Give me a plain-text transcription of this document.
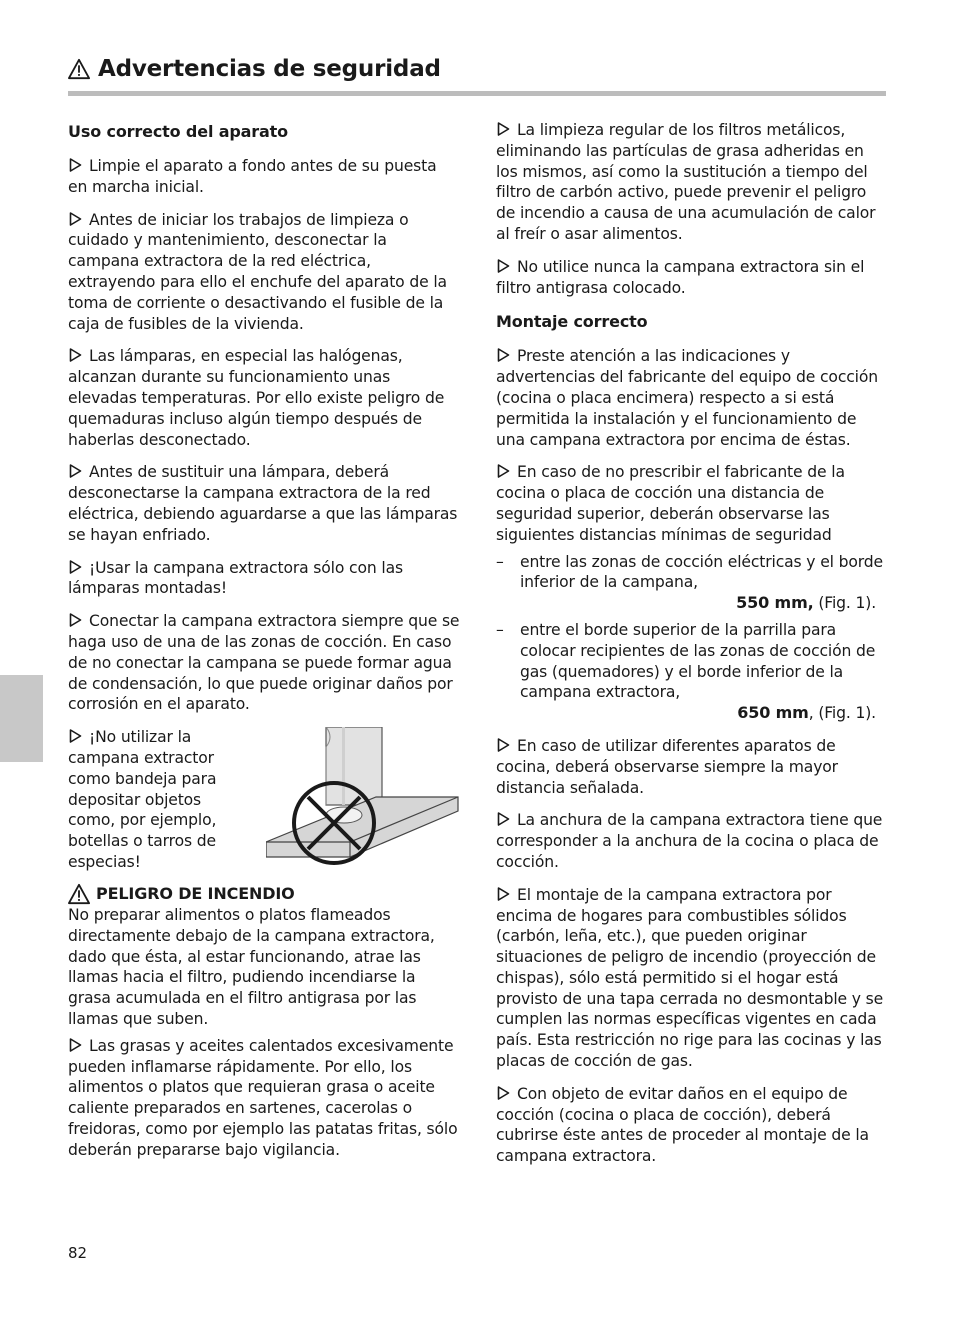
Advertencias de seguridad
Uso correcto del aparato

Limpie el aparato a fondo antes de su puesta en marcha inicial.

Antes de iniciar los trabajos de limpieza o cuidado y mantenimiento, desconectar la campana extractora de la red eléctrica, extrayendo para ello el enchufe del aparato de la toma de corriente o desactivando el fusible de la caja de fusibles de la vivienda.

Las lámparas, en especial las halógenas, alcanzan durante su funcionamiento unas elevadas temperaturas. Por ello existe peligro de quemaduras incluso algún tiempo después de haberlas desconectado.

Antes de sustituir una lámpara, deberá desconectarse la campana extractora de la red eléctrica, debiendo aguardarse a que las lámparas se hayan enfriado.

¡Usar la campana extractora sólo con las lámparas montadas!

Conectar la campana extractora siempre que se haga uso de una de las zonas de cocción. En caso de no conectar la campana se puede formar agua de condensación, lo que puede originar daños por corrosión en el aparato.

¡No utilizar la campana extractor como bandeja para depositar objetos como, por ejemplo, botellas o tarros de especias!
PELIGRO DE INCENDIO

No preparar alimentos o platos flameados directamente debajo de la campana extractora, dado que ésta, al estar funcionando, atrae las llamas hacia el filtro, pudiendo incendiarse la grasa acumulada en el filtro antigrasa por las llamas que suben.

Las grasas y aceites calentados excesivamente pueden inflamarse rápidamente. Por ello, los alimentos o platos que requieran grasa o aceite caliente preparados en sartenes, cacerolas o freidoras, como por ejemplo las patatas fritas, sólo deberán prepararse bajo vigilancia.

La limpieza regular de los filtros metálicos, eliminando las partículas de grasa adheridas en los mismos, así como la sustitución a tiempo del filtro de carbón activo, puede prevenir el peligro de incendio a causa de una acumulación de calor al freír o asar alimentos.

No utilice nunca la campana extractora sin el filtro antigrasa colocado.

Montaje correcto

Preste atención a las indicaciones y advertencias del fabricante del equipo de cocción (cocina o placa encimera) respecto a si está permitida la instalación y el funcionamiento de una campana extractora por encima de éstas.

En caso de no prescribir el fabricante de la cocina o placa de cocción una distancia de seguridad superior, deberán observarse las siguientes distancias mínimas de seguridad

–	entre las zonas de cocción eléctricas y el borde inferior de la campana,
550 mm, (Fig. 1).
–	entre el borde superior de la parrilla para colocar recipientes de las zonas de cocción de gas (quemadores) y el borde inferior de la campana extractora,
650 mm, (Fig. 1).

En caso de utilizar diferentes aparatos de cocina, deberá observarse siempre la mayor distancia señalada.

La anchura de la campana extractora tiene que corresponder a la anchura de la cocina o placa de cocción.

El montaje de la campana extractora por encima de hogares para combustibles sólidos (carbón, leña, etc.), que pueden originar situaciones de peligro de incendio (proyección de chispas), sólo está permitido si el hogar está provisto de una tapa cerrada no desmontable y se cumplen las normas específicas vigentes en cada país. Esta restricción no rige para las cocinas y las placas de cocción de gas.

Con objeto de evitar daños en el equipo de cocción (cocina o placa de cocción), deberá cubrirse éste antes de proceder al montaje de la campana extractora.

82
